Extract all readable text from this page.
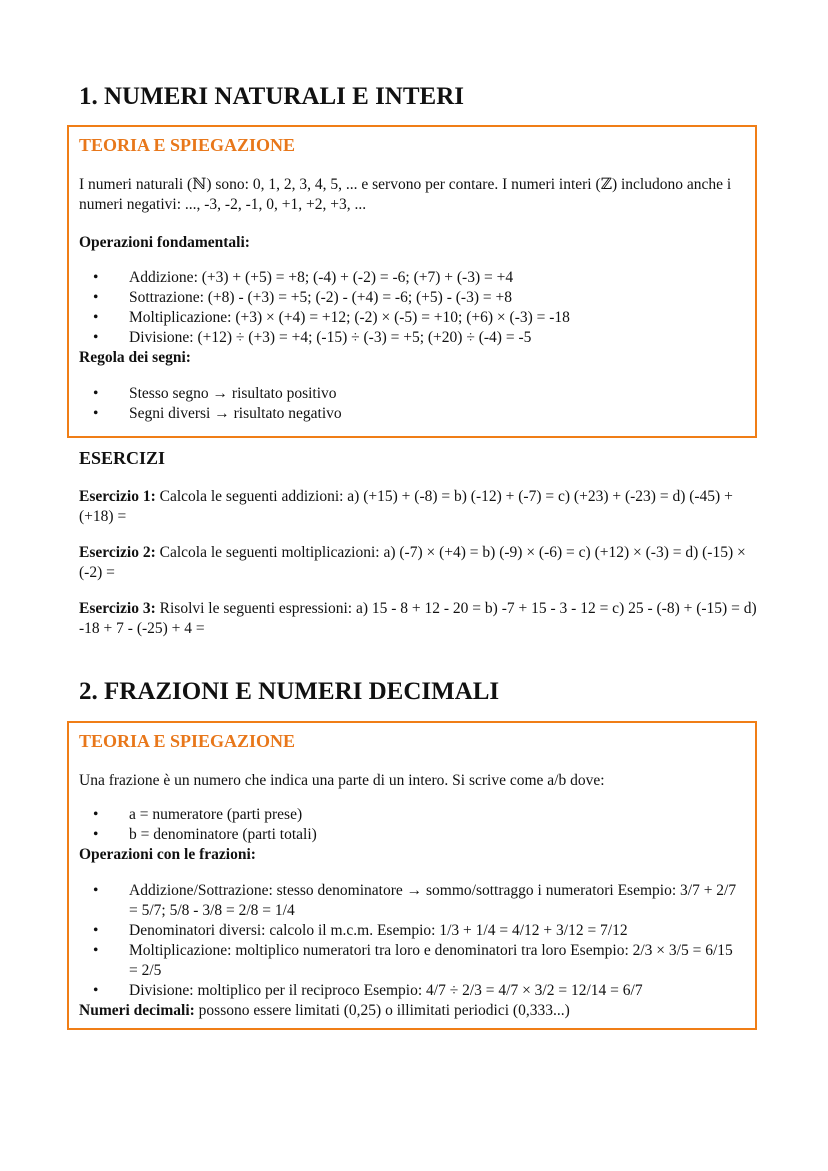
1. NUMERI NATURALI E INTERI
TEORIA E SPIEGAZIONE

I numeri naturali (ℕ) sono: 0, 1, 2, 3, 4, 5, ... e servono per contare. I numeri interi (ℤ) includono anche i numeri negativi: ..., -3, -2, -1, 0, +1, +2, +3, ...

Operazioni fondamentali:

• Addizione: (+3) + (+5) = +8; (-4) + (-2) = -6; (+7) + (-3) = +4
• Sottrazione: (+8) - (+3) = +5; (-2) - (+4) = -6; (+5) - (-3) = +8
• Moltiplicazione: (+3) × (+4) = +12; (-2) × (-5) = +10; (+6) × (-3) = -18
• Divisione: (+12) ÷ (+3) = +4; (-15) ÷ (-3) = +5; (+20) ÷ (-4) = -5

Regola dei segni:

• Stesso segno → risultato positivo
• Segni diversi → risultato negativo
ESERCIZI

Esercizio 1: Calcola le seguenti addizioni: a) (+15) + (-8) = b) (-12) + (-7) = c) (+23) + (-23) = d) (-45) + (+18) =

Esercizio 2: Calcola le seguenti moltiplicazioni: a) (-7) × (+4) = b) (-9) × (-6) = c) (+12) × (-3) = d) (-15) × (-2) =

Esercizio 3: Risolvi le seguenti espressioni: a) 15 - 8 + 12 - 20 = b) -7 + 15 - 3 - 12 = c) 25 - (-8) + (-15) = d) -18 + 7 - (-25) + 4 =

2. FRAZIONI E NUMERI DECIMALI
TEORIA E SPIEGAZIONE

Una frazione è un numero che indica una parte di un intero. Si scrive come a/b dove:

• a = numeratore (parti prese)
• b = denominatore (parti totali)

Operazioni con le frazioni:

• Addizione/Sottrazione: stesso denominatore → sommo/sottraggo i numeratori Esempio: 3/7 + 2/7 = 5/7; 5/8 - 3/8 = 2/8 = 1/4
• Denominatori diversi: calcolo il m.c.m. Esempio: 1/3 + 1/4 = 4/12 + 3/12 = 7/12
• Moltiplicazione: moltiplico numeratori tra loro e denominatori tra loro Esempio: 2/3 × 3/5 = 6/15 = 2/5
• Divisione: moltiplico per il reciproco Esempio: 4/7 ÷ 2/3 = 4/7 × 3/2 = 12/14 = 6/7

Numeri decimali: possono essere limitati (0,25) o illimitati periodici (0,333...)
